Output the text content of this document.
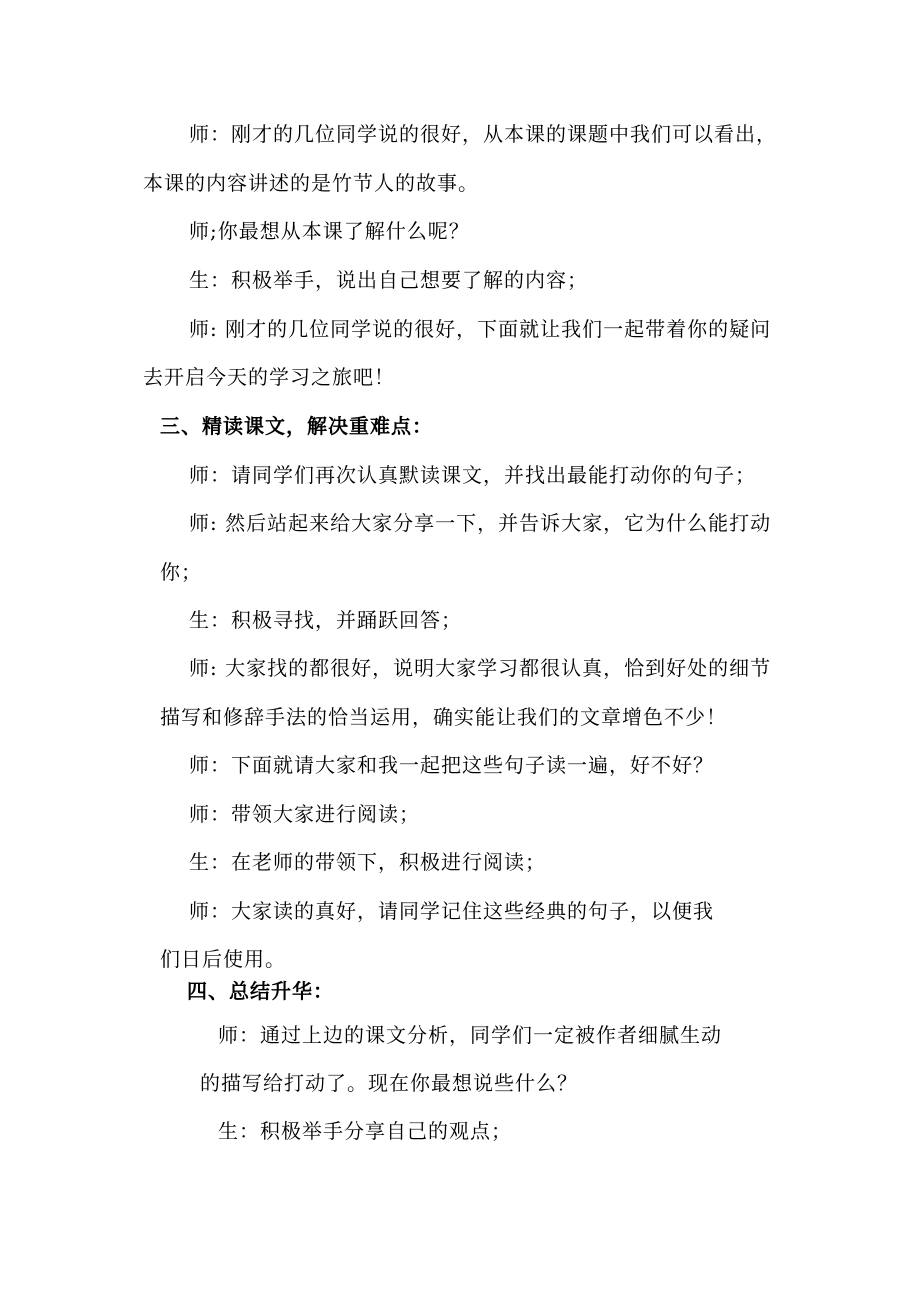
师：刚才的几位同学说的很好，从本课的课题中我们可以看出，
本课的内容讲述的是竹节人的故事。
师;你最想从本课了解什么呢？
生：积极举手，说出自己想要了解的内容；
师: 刚才的几位同学说的很好，下面就让我们一起带着你的疑问
去开启今天的学习之旅吧！
三、精读课文，解决重难点：
师：请同学们再次认真默读课文，并找出最能打动你的句子；
师: 然后站起来给大家分享一下，并告诉大家，它为什么能打动
你；
生：积极寻找，并踊跃回答；
师: 大家找的都很好，说明大家学习都很认真，恰到好处的细节
描写和修辞手法的恰当运用，确实能让我们的文章增色不少！
师：下面就请大家和我一起把这些句子读一遍，好不好？
师：带领大家进行阅读；
生：在老师的带领下，积极进行阅读；
师：大家读的真好，请同学记住这些经典的句子，以便我
们日后使用。
四、总结升华：
师：通过上边的课文分析，同学们一定被作者细腻生动
的描写给打动了。现在你最想说些什么？
生：积极举手分享自己的观点；
